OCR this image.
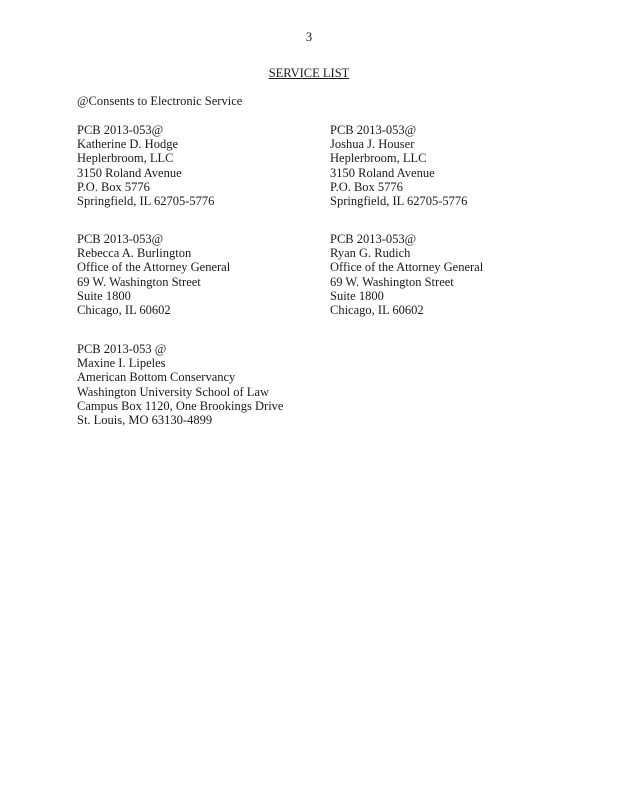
3
SERVICE LIST
@Consents to Electronic Service
PCB 2013-053@
Katherine D. Hodge
Heplerbroom, LLC
3150 Roland Avenue
P.O. Box 5776
Springfield, IL 62705-5776
PCB 2013-053@
Joshua J. Houser
Heplerbroom, LLC
3150 Roland Avenue
P.O. Box 5776
Springfield, IL 62705-5776
PCB 2013-053@
Rebecca A. Burlington
Office of the Attorney General
69 W. Washington Street
Suite 1800
Chicago, IL 60602
PCB 2013-053@
Ryan G. Rudich
Office of the Attorney General
69 W. Washington Street
Suite 1800
Chicago, IL 60602
PCB 2013-053 @
Maxine I. Lipeles
American Bottom Conservancy
Washington University School of Law
Campus Box 1120, One Brookings Drive
St. Louis, MO 63130-4899
